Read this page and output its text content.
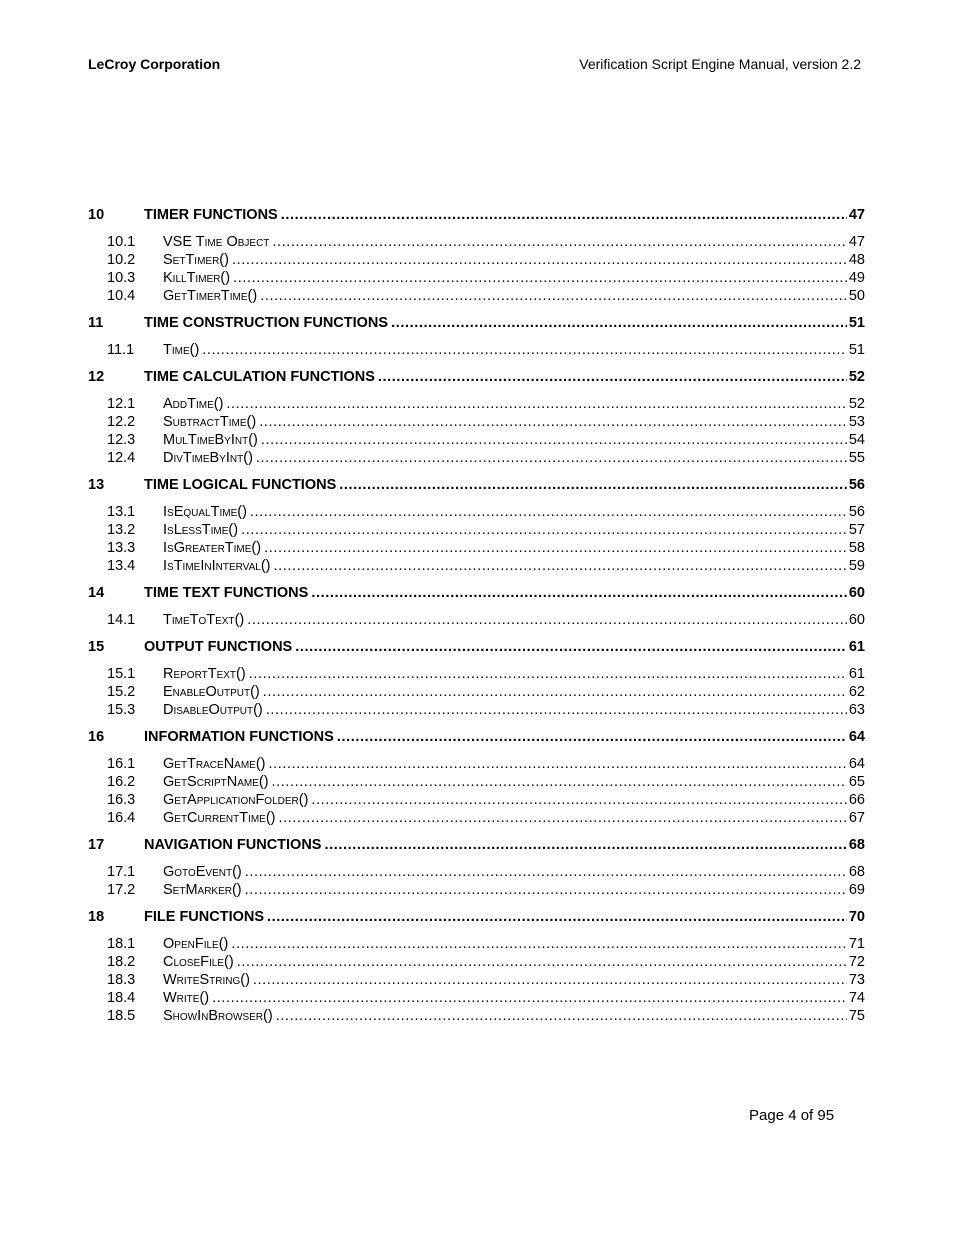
LeCroy Corporation	Verification Script Engine Manual, version 2.2
10	TIMER FUNCTIONS .....	47
10.1	VSE Time Object .....	47
10.2	SetTimer() .....	48
10.3	KillTimer() .....	49
10.4	GetTimerTime() .....	50
11	TIME CONSTRUCTION FUNCTIONS .....	51
11.1	Time() .....	51
12	TIME CALCULATION FUNCTIONS .....	52
12.1	AddTime() .....	52
12.2	SubtractTime() .....	53
12.3	MulTimeByInt() .....	54
12.4	DivTimeByInt() .....	55
13	TIME LOGICAL FUNCTIONS .....	56
13.1	IsEqualTime() .....	56
13.2	IsLessTime() .....	57
13.3	IsGreaterTime() .....	58
13.4	IsTimeInInterval() .....	59
14	TIME TEXT FUNCTIONS .....	60
14.1	TimeToText() .....	60
15	OUTPUT FUNCTIONS .....	61
15.1	ReportText() .....	61
15.2	EnableOutput() .....	62
15.3	DisableOutput() .....	63
16	INFORMATION FUNCTIONS .....	64
16.1	GetTraceName() .....	64
16.2	GetScriptName() .....	65
16.3	GetApplicationFolder() .....	66
16.4	GetCurrentTime() .....	67
17	NAVIGATION FUNCTIONS .....	68
17.1	GotoEvent() .....	68
17.2	SetMarker() .....	69
18	FILE FUNCTIONS .....	70
18.1	OpenFile() .....	71
18.2	CloseFile() .....	72
18.3	WriteString() .....	73
18.4	Write() .....	74
18.5	ShowInBrowser() .....	75
Page 4 of 95
